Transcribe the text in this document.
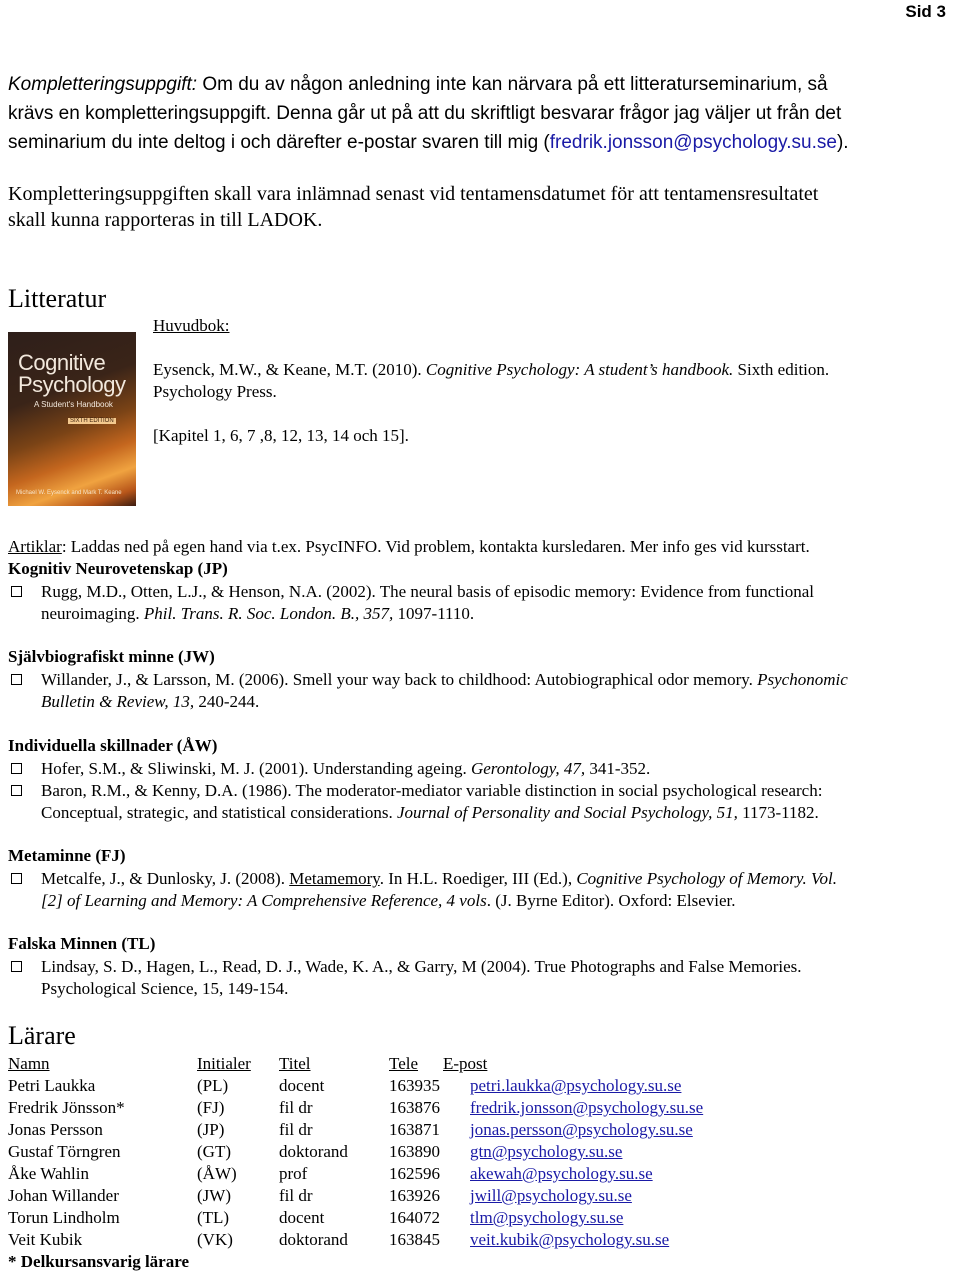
Sid 3
Kompletteringsuppgift: Om du av någon anledning inte kan närvara på ett litteraturseminarium, så
krävs en kompletteringsuppgift. Denna går ut på att du skriftligt besvarar frågor jag väljer ut från det
seminarium du inte deltog i och därefter e-postar svaren till mig (fredrik.jonsson@psychology.su.se).
Kompletteringsuppgiften skall vara inlämnad senast vid tentamensdatumet för att tentamensresultatet
skall kunna rapporteras in till LADOK.
Litteratur
Cognitive
Psychology
A Student's Handbook
SIXTH EDITION
Michael W. Eysenck and Mark T. Keane
Huvudbok:
Eysenck, M.W., & Keane, M.T. (2010). Cognitive Psychology: A student’s handbook. Sixth edition.
Psychology Press.
[Kapitel 1, 6, 7 ,8, 12, 13, 14 och 15].
Artiklar: Laddas ned på egen hand via t.ex. PsycINFO. Vid problem, kontakta kursledaren. Mer info ges vid kursstart.
Kognitiv Neurovetenskap (JP)
Rugg, M.D., Otten, L.J., & Henson, N.A. (2002). The neural basis of episodic memory: Evidence from functional
neuroimaging. Phil. Trans. R. Soc. London. B., 357, 1097-1110.
Självbiografiskt minne (JW)
Willander, J., & Larsson, M. (2006). Smell your way back to childhood: Autobiographical odor memory. Psychonomic
Bulletin & Review, 13, 240-244.
Individuella skillnader (ÅW)
Hofer, S.M., & Sliwinski, M. J. (2001). Understanding ageing. Gerontology, 47, 341-352.
Baron, R.M., & Kenny, D.A. (1986). The moderator-mediator variable distinction in social psychological research:
Conceptual, strategic, and statistical considerations. Journal of Personality and Social Psychology, 51, 1173-1182.
Metaminne (FJ)
Metcalfe, J., & Dunlosky, J. (2008). Metamemory. In H.L. Roediger, III (Ed.), Cognitive Psychology of Memory. Vol.
[2] of Learning and Memory: A Comprehensive Reference, 4 vols. (J. Byrne Editor). Oxford: Elsevier.
Falska Minnen (TL)
Lindsay, S. D., Hagen, L., Read, D. J., Wade, K. A., & Garry, M (2004). True Photographs and False Memories.
Psychological Science, 15, 149-154.
Lärare
Namn	Initialer Titel	Tele E-post
Petri Laukka	(PL)	docent	163935 petri.laukka@psychology.su.se
Fredrik Jönsson*	(FJ)	fil dr	163876 fredrik.jonsson@psychology.su.se
Jonas Persson	(JP)	fil dr	163871 jonas.persson@psychology.su.se
Gustaf Törngren	(GT)	doktorand 163890 gtn@psychology.su.se
Åke Wahlin	(ÅW) prof	162596 akewah@psychology.su.se
Johan Willander	(JW)	fil dr	163926 jwill@psychology.su.se
Torun Lindholm	(TL)	docent	164072 tlm@psychology.su.se
Veit Kubik	(VK)	doktorand 163845 veit.kubik@psychology.su.se
* Delkursansvarig lärare
